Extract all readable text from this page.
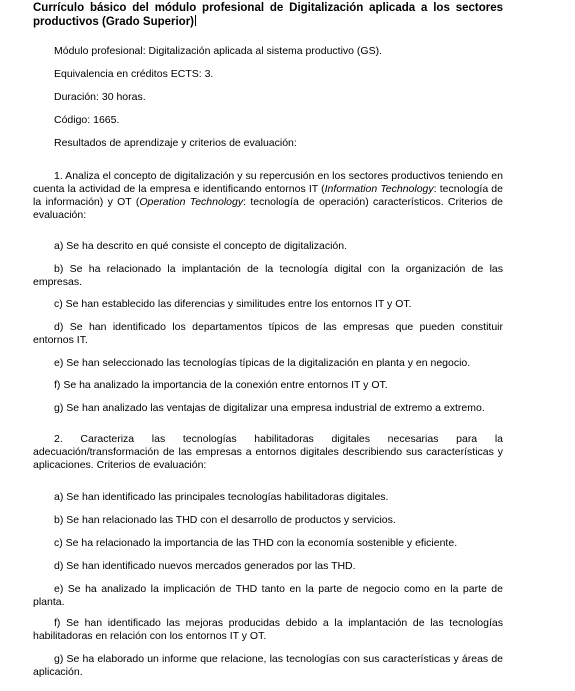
Currículo básico del módulo profesional de Digitalización aplicada a los sectores productivos (Grado Superior)

Módulo profesional: Digitalización aplicada al sistema productivo (GS).

Equivalencia en créditos ECTS: 3.

Duración: 30 horas.

Código: 1665.

Resultados de aprendizaje y criterios de evaluación:

1. Analiza el concepto de digitalización y su repercusión en los sectores productivos teniendo en cuenta la actividad de la empresa e identificando entornos IT (Information Technology: tecnología de la información) y OT (Operation Technology: tecnología de operación) característicos. Criterios de evaluación:

a) Se ha descrito en qué consiste el concepto de digitalización.

b) Se ha relacionado la implantación de la tecnología digital con la organización de las empresas.

c) Se han establecido las diferencias y similitudes entre los entornos IT y OT.

d) Se han identificado los departamentos típicos de las empresas que pueden constituir entornos IT.

e) Se han seleccionado las tecnologías típicas de la digitalización en planta y en negocio.

f) Se ha analizado la importancia de la conexión entre entornos IT y OT.

g) Se han analizado las ventajas de digitalizar una empresa industrial de extremo a extremo.

2. Caracteriza las tecnologías habilitadoras digitales necesarias para la adecuación/transformación de las empresas a entornos digitales describiendo sus características y aplicaciones. Criterios de evaluación:

a) Se han identificado las principales tecnologías habilitadoras digitales.

b) Se han relacionado las THD con el desarrollo de productos y servicios.

c) Se ha relacionado la importancia de las THD con la economía sostenible y eficiente.

d) Se han identificado nuevos mercados generados por las THD.

e) Se ha analizado la implicación de THD tanto en la parte de negocio como en la parte de planta.

f) Se han identificado las mejoras producidas debido a la implantación de las tecnologías habilitadoras en relación con los entornos IT y OT.

g) Se ha elaborado un informe que relacione, las tecnologías con sus características y áreas de aplicación.
